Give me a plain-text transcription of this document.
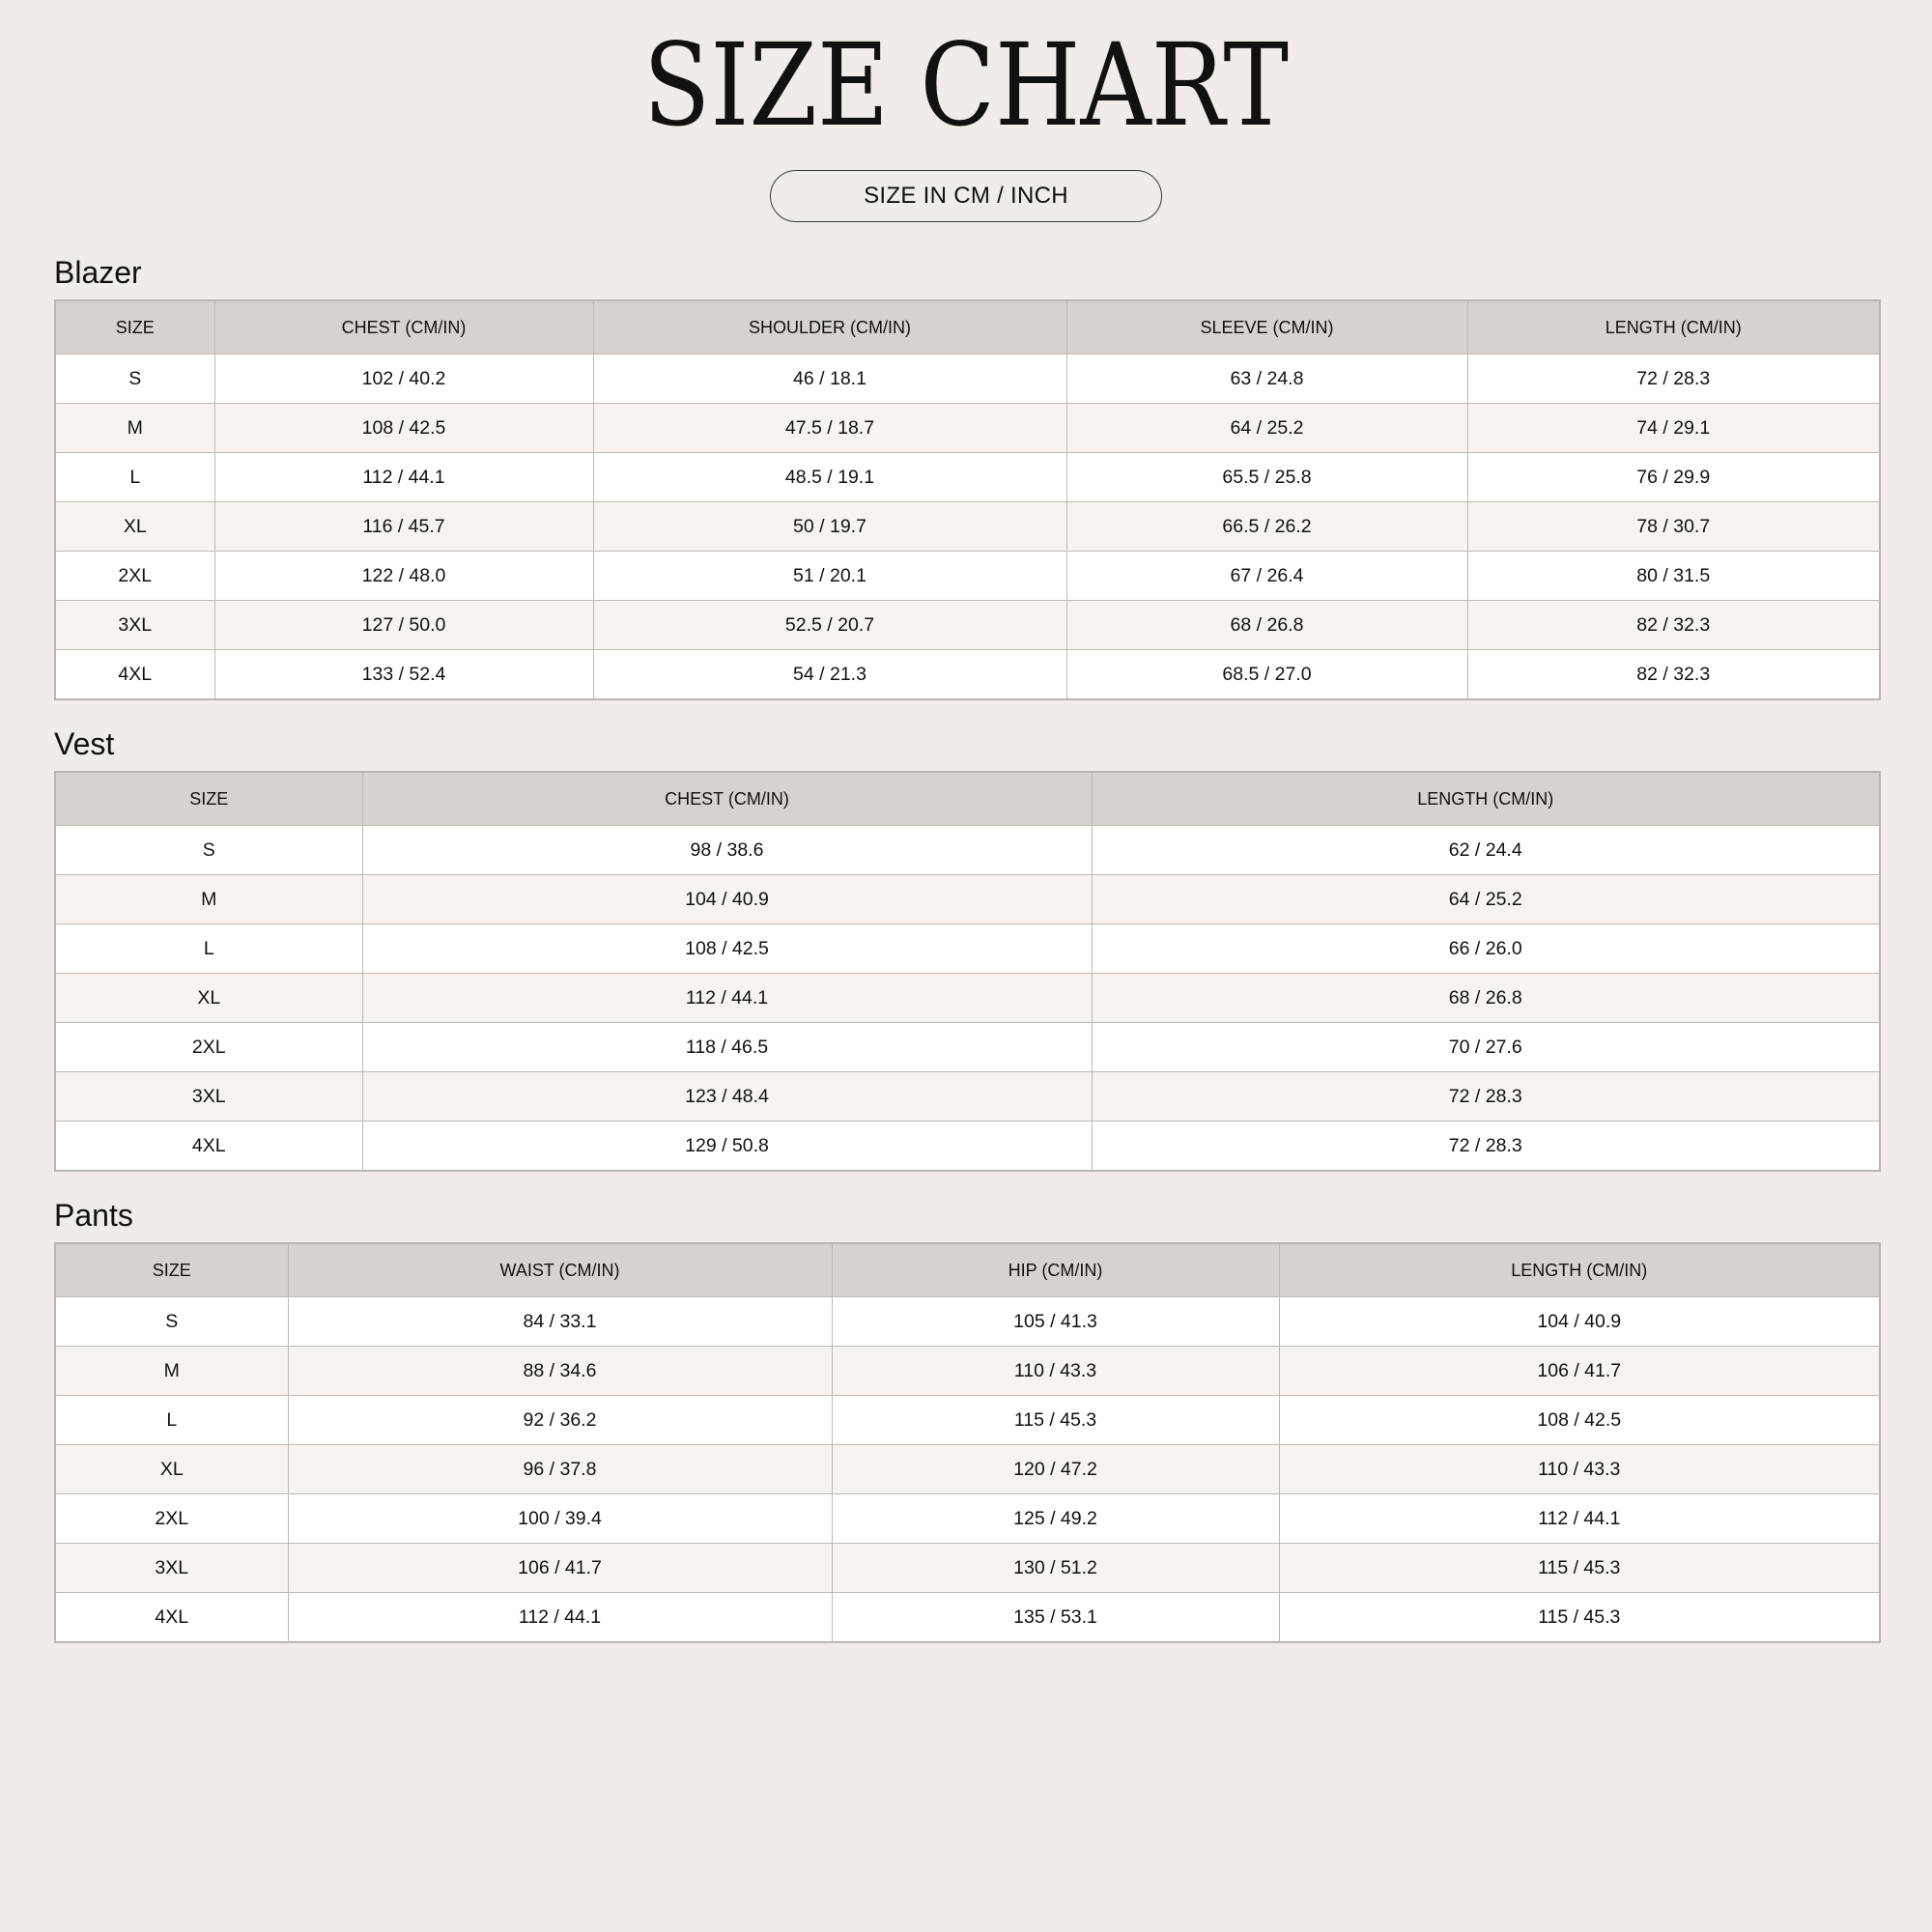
SIZE CHART
SIZE IN CM / INCH
Blazer
SIZE	CHEST (CM/IN)	SHOULDER (CM/IN)	SLEEVE (CM/IN)	LENGTH (CM/IN)
S	102 / 40.2	46 / 18.1	63 / 24.8	72 / 28.3
M	108 / 42.5	47.5 / 18.7	64 / 25.2	74 / 29.1
L	112 / 44.1	48.5 / 19.1	65.5 / 25.8	76 / 29.9
XL	116 / 45.7	50 / 19.7	66.5 / 26.2	78 / 30.7
2XL	122 / 48.0	51 / 20.1	67 / 26.4	80 / 31.5
3XL	127 / 50.0	52.5 / 20.7	68 / 26.8	82 / 32.3
4XL	133 / 52.4	54 / 21.3	68.5 / 27.0	82 / 32.3
Vest
SIZE	CHEST (CM/IN)	LENGTH (CM/IN)
S	98 / 38.6	62 / 24.4
M	104 / 40.9	64 / 25.2
L	108 / 42.5	66 / 26.0
XL	112 / 44.1	68 / 26.8
2XL	118 / 46.5	70 / 27.6
3XL	123 / 48.4	72 / 28.3
4XL	129 / 50.8	72 / 28.3
Pants
SIZE	WAIST (CM/IN)	HIP (CM/IN)	LENGTH (CM/IN)
S	84 / 33.1	105 / 41.3	104 / 40.9
M	88 / 34.6	110 / 43.3	106 / 41.7
L	92 / 36.2	115 / 45.3	108 / 42.5
XL	96 / 37.8	120 / 47.2	110 / 43.3
2XL	100 / 39.4	125 / 49.2	112 / 44.1
3XL	106 / 41.7	130 / 51.2	115 / 45.3
4XL	112 / 44.1	135 / 53.1	115 / 45.3
